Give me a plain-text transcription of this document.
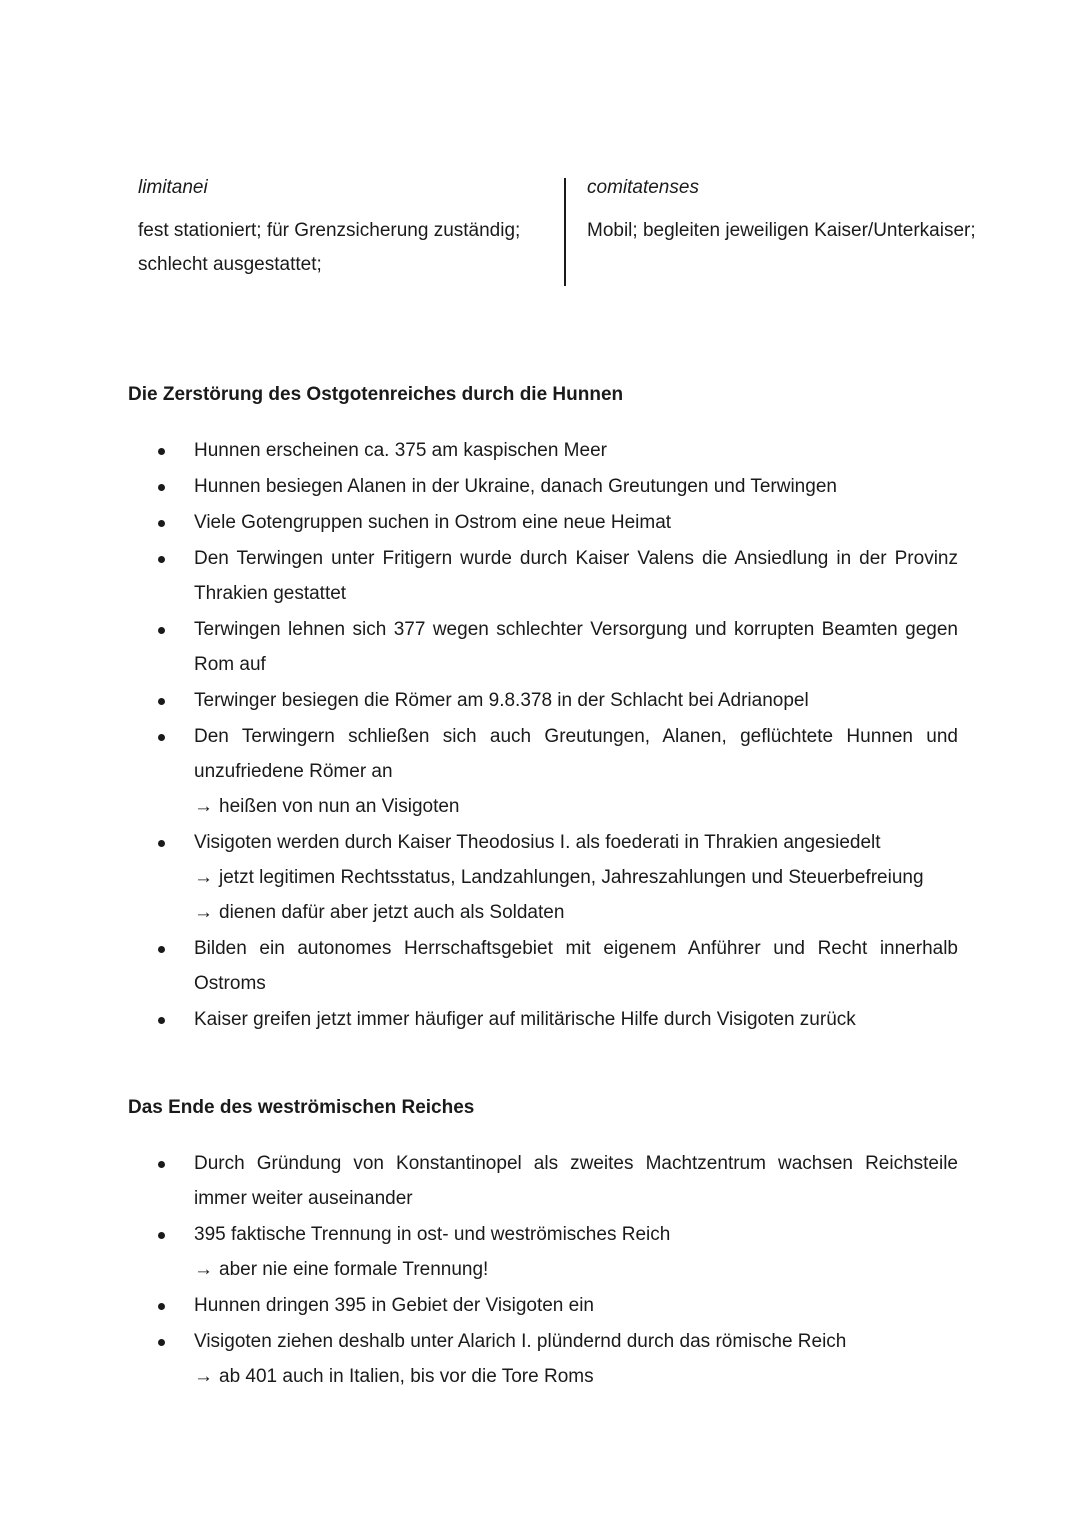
limitanei

fest stationiert; für Grenzsicherung zuständig; schlecht ausgestattet;

comitatenses

Mobil; begleiten jeweiligen Kaiser/Unterkaiser;

Die Zerstörung des Ostgotenreiches durch die Hunnen

Hunnen erscheinen ca. 375 am kaspischen Meer
Hunnen besiegen Alanen in der Ukraine, danach Greutungen und Terwingen
Viele Gotengruppen suchen in Ostrom eine neue Heimat
Den Terwingen unter Fritigern wurde durch Kaiser Valens die Ansiedlung in der Provinz Thrakien gestattet
Terwingen lehnen sich 377 wegen schlechter Versorgung und korrupten Beamten gegen Rom auf
Terwinger besiegen die Römer am 9.8.378 in der Schlacht bei Adrianopel
Den Terwingern schließen sich auch Greutungen, Alanen, geflüchtete Hunnen und unzufriedene Römer an
→ heißen von nun an Visigoten
Visigoten werden durch Kaiser Theodosius I. als foederati in Thrakien angesiedelt
→ jetzt legitimen Rechtsstatus, Landzahlungen, Jahreszahlungen und Steuerbefreiung
→ dienen dafür aber jetzt auch als Soldaten
Bilden ein autonomes Herrschaftsgebiet mit eigenem Anführer und Recht innerhalb Ostroms
Kaiser greifen jetzt immer häufiger auf militärische Hilfe durch Visigoten zurück

Das Ende des weströmischen Reiches

Durch Gründung von Konstantinopel als zweites Machtzentrum wachsen Reichsteile immer weiter auseinander
395 faktische Trennung in ost- und weströmisches Reich
→ aber nie eine formale Trennung!
Hunnen dringen 395 in Gebiet der Visigoten ein
Visigoten ziehen deshalb unter Alarich I. plündernd durch das römische Reich
→ ab 401 auch in Italien, bis vor die Tore Roms
